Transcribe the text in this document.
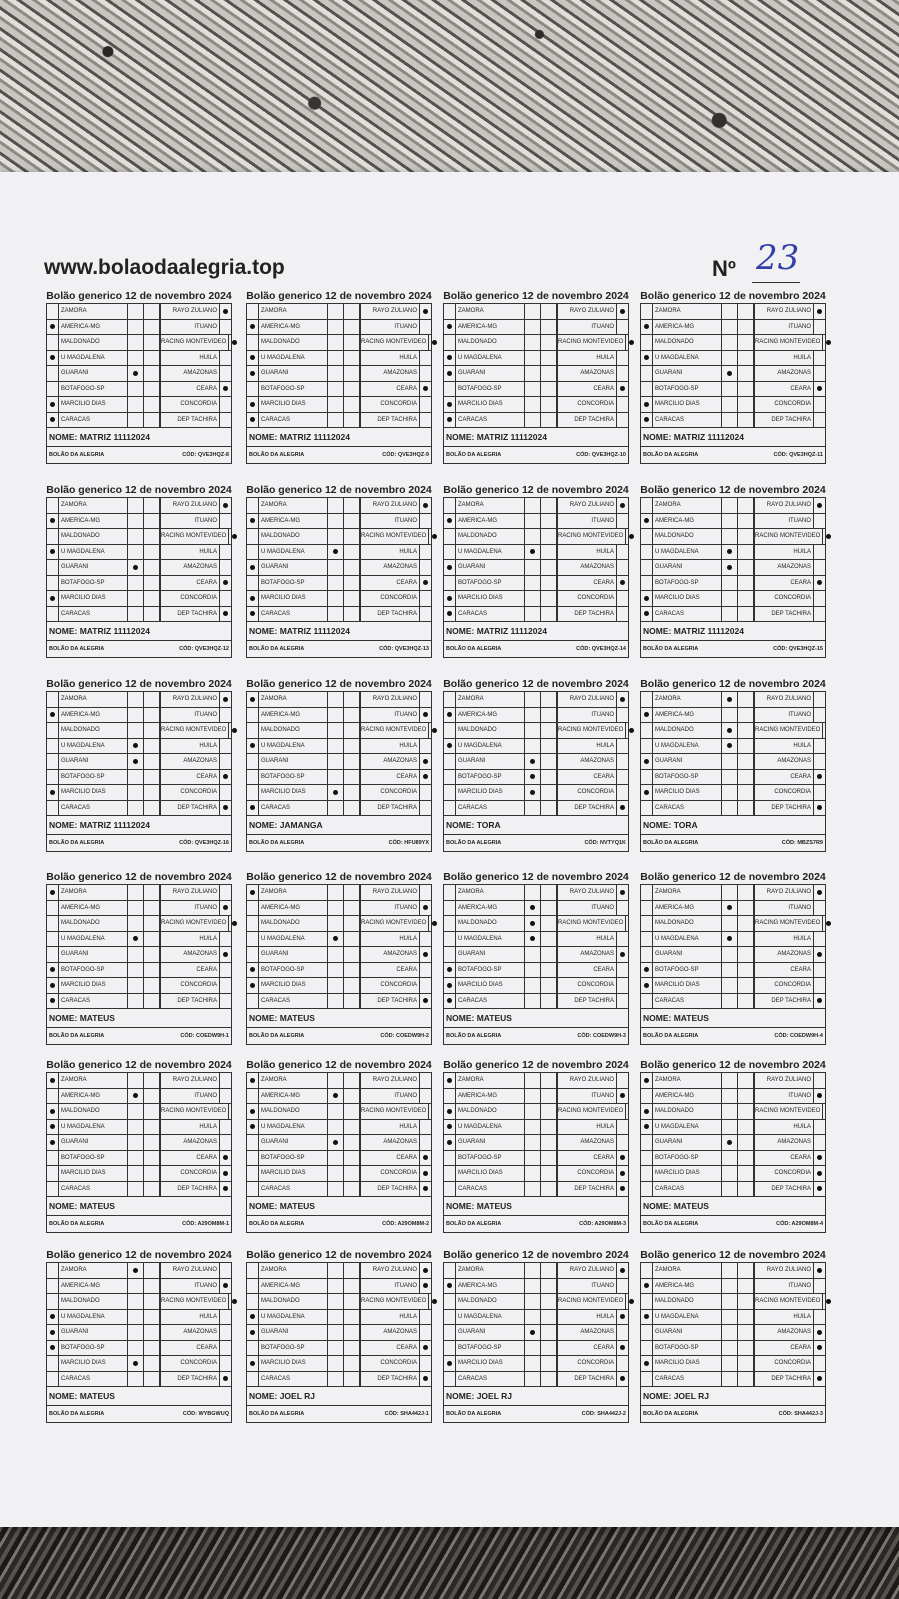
www.bolaodaalegria.top	Nº 23
Bolão generico 12 de novembro 2024
ZAMORA	RAYO ZULIANO
AMERICA-MG	ITUANO
MALDONADO	RACING MONTEVIDEO
U MAGDALENA	HUILA
GUARANI	AMAZONAS
BOTAFOGO-SP	CEARA
MARCILIO DIAS	CONCORDIA
CARACAS	DEP TACHIRA
NOME: MATRIZ 11112024
BOLÃO DA ALEGRIA	CÓD: QVE3HQZ-8
Bolão generico 12 de novembro 2024
ZAMORA	RAYO ZULIANO
AMERICA-MG	ITUANO
MALDONADO	RACING MONTEVIDEO
U MAGDALENA	HUILA
GUARANI	AMAZONAS
BOTAFOGO-SP	CEARA
MARCILIO DIAS	CONCORDIA
CARACAS	DEP TACHIRA
NOME: MATRIZ 11112024
BOLÃO DA ALEGRIA	CÓD: QVE3HQZ-9
Bolão generico 12 de novembro 2024
ZAMORA	RAYO ZULIANO
AMERICA-MG	ITUANO
MALDONADO	RACING MONTEVIDEO
U MAGDALENA	HUILA
GUARANI	AMAZONAS
BOTAFOGO-SP	CEARA
MARCILIO DIAS	CONCORDIA
CARACAS	DEP TACHIRA
NOME: MATRIZ 11112024
BOLÃO DA ALEGRIA	CÓD: QVE3HQZ-10
Bolão generico 12 de novembro 2024
ZAMORA	RAYO ZULIANO
AMERICA-MG	ITUANO
MALDONADO	RACING MONTEVIDEO
U MAGDALENA	HUILA
GUARANI	AMAZONAS
BOTAFOGO-SP	CEARA
MARCILIO DIAS	CONCORDIA
CARACAS	DEP TACHIRA
NOME: MATRIZ 11112024
BOLÃO DA ALEGRIA	CÓD: QVE3HQZ-11
Bolão generico 12 de novembro 2024
ZAMORA	RAYO ZULIANO
AMERICA-MG	ITUANO
MALDONADO	RACING MONTEVIDEO
U MAGDALENA	HUILA
GUARANI	AMAZONAS
BOTAFOGO-SP	CEARA
MARCILIO DIAS	CONCORDIA
CARACAS	DEP TACHIRA
NOME: MATRIZ 11112024
BOLÃO DA ALEGRIA	CÓD: QVE3HQZ-12
Bolão generico 12 de novembro 2024
ZAMORA	RAYO ZULIANO
AMERICA-MG	ITUANO
MALDONADO	RACING MONTEVIDEO
U MAGDALENA	HUILA
GUARANI	AMAZONAS
BOTAFOGO-SP	CEARA
MARCILIO DIAS	CONCORDIA
CARACAS	DEP TACHIRA
NOME: MATRIZ 11112024
BOLÃO DA ALEGRIA	CÓD: QVE3HQZ-13
Bolão generico 12 de novembro 2024
ZAMORA	RAYO ZULIANO
AMERICA-MG	ITUANO
MALDONADO	RACING MONTEVIDEO
U MAGDALENA	HUILA
GUARANI	AMAZONAS
BOTAFOGO-SP	CEARA
MARCILIO DIAS	CONCORDIA
CARACAS	DEP TACHIRA
NOME: MATRIZ 11112024
BOLÃO DA ALEGRIA	CÓD: QVE3HQZ-14
Bolão generico 12 de novembro 2024
ZAMORA	RAYO ZULIANO
AMERICA-MG	ITUANO
MALDONADO	RACING MONTEVIDEO
U MAGDALENA	HUILA
GUARANI	AMAZONAS
BOTAFOGO-SP	CEARA
MARCILIO DIAS	CONCORDIA
CARACAS	DEP TACHIRA
NOME: MATRIZ 11112024
BOLÃO DA ALEGRIA	CÓD: QVE3HQZ-15
Bolão generico 12 de novembro 2024
ZAMORA	RAYO ZULIANO
AMERICA-MG	ITUANO
MALDONADO	RACING MONTEVIDEO
U MAGDALENA	HUILA
GUARANI	AMAZONAS
BOTAFOGO-SP	CEARA
MARCILIO DIAS	CONCORDIA
CARACAS	DEP TACHIRA
NOME: MATRIZ 11112024
BOLÃO DA ALEGRIA	CÓD: QVE3HQZ-16
Bolão generico 12 de novembro 2024
ZAMORA	RAYO ZULIANO
AMERICA-MG	ITUANO
MALDONADO	RACING MONTEVIDEO
U MAGDALENA	HUILA
GUARANI	AMAZONAS
BOTAFOGO-SP	CEARA
MARCILIO DIAS	CONCORDIA
CARACAS	DEP TACHIRA
NOME: JAMANGA
BOLÃO DA ALEGRIA	CÓD: HFU89YX
Bolão generico 12 de novembro 2024
ZAMORA	RAYO ZULIANO
AMERICA-MG	ITUANO
MALDONADO	RACING MONTEVIDEO
U MAGDALENA	HUILA
GUARANI	AMAZONAS
BOTAFOGO-SP	CEARA
MARCILIO DIAS	CONCORDIA
CARACAS	DEP TACHIRA
NOME: TORA
BOLÃO DA ALEGRIA	CÓD: NVTYQ1K
Bolão generico 12 de novembro 2024
ZAMORA	RAYO ZULIANO
AMERICA-MG	ITUANO
MALDONADO	RACING MONTEVIDEO
U MAGDALENA	HUILA
GUARANI	AMAZONAS
BOTAFOGO-SP	CEARA
MARCILIO DIAS	CONCORDIA
CARACAS	DEP TACHIRA
NOME: TORA
BOLÃO DA ALEGRIA	CÓD: MBZS7R9
Bolão generico 12 de novembro 2024
ZAMORA	RAYO ZULIANO
AMERICA-MG	ITUANO
MALDONADO	RACING MONTEVIDEO
U MAGDALENA	HUILA
GUARANI	AMAZONAS
BOTAFOGO-SP	CEARA
MARCILIO DIAS	CONCORDIA
CARACAS	DEP TACHIRA
NOME: MATEUS
BOLÃO DA ALEGRIA	CÓD: COEDW9H-1
Bolão generico 12 de novembro 2024
ZAMORA	RAYO ZULIANO
AMERICA-MG	ITUANO
MALDONADO	RACING MONTEVIDEO
U MAGDALENA	HUILA
GUARANI	AMAZONAS
BOTAFOGO-SP	CEARA
MARCILIO DIAS	CONCORDIA
CARACAS	DEP TACHIRA
NOME: MATEUS
BOLÃO DA ALEGRIA	CÓD: COEDW9H-2
Bolão generico 12 de novembro 2024
ZAMORA	RAYO ZULIANO
AMERICA-MG	ITUANO
MALDONADO	RACING MONTEVIDEO
U MAGDALENA	HUILA
GUARANI	AMAZONAS
BOTAFOGO-SP	CEARA
MARCILIO DIAS	CONCORDIA
CARACAS	DEP TACHIRA
NOME: MATEUS
BOLÃO DA ALEGRIA	CÓD: COEDW9H-3
Bolão generico 12 de novembro 2024
ZAMORA	RAYO ZULIANO
AMERICA-MG	ITUANO
MALDONADO	RACING MONTEVIDEO
U MAGDALENA	HUILA
GUARANI	AMAZONAS
BOTAFOGO-SP	CEARA
MARCILIO DIAS	CONCORDIA
CARACAS	DEP TACHIRA
NOME: MATEUS
BOLÃO DA ALEGRIA	CÓD: COEDW9H-4
Bolão generico 12 de novembro 2024
ZAMORA	RAYO ZULIANO
AMERICA-MG	ITUANO
MALDONADO	RACING MONTEVIDEO
U MAGDALENA	HUILA
GUARANI	AMAZONAS
BOTAFOGO-SP	CEARA
MARCILIO DIAS	CONCORDIA
CARACAS	DEP TACHIRA
NOME: MATEUS
BOLÃO DA ALEGRIA	CÓD: A29OM8M-1
Bolão generico 12 de novembro 2024
ZAMORA	RAYO ZULIANO
AMERICA-MG	ITUANO
MALDONADO	RACING MONTEVIDEO
U MAGDALENA	HUILA
GUARANI	AMAZONAS
BOTAFOGO-SP	CEARA
MARCILIO DIAS	CONCORDIA
CARACAS	DEP TACHIRA
NOME: MATEUS
BOLÃO DA ALEGRIA	CÓD: A29OM8M-2
Bolão generico 12 de novembro 2024
ZAMORA	RAYO ZULIANO
AMERICA-MG	ITUANO
MALDONADO	RACING MONTEVIDEO
U MAGDALENA	HUILA
GUARANI	AMAZONAS
BOTAFOGO-SP	CEARA
MARCILIO DIAS	CONCORDIA
CARACAS	DEP TACHIRA
NOME: MATEUS
BOLÃO DA ALEGRIA	CÓD: A29OM8M-3
Bolão generico 12 de novembro 2024
ZAMORA	RAYO ZULIANO
AMERICA-MG	ITUANO
MALDONADO	RACING MONTEVIDEO
U MAGDALENA	HUILA
GUARANI	AMAZONAS
BOTAFOGO-SP	CEARA
MARCILIO DIAS	CONCORDIA
CARACAS	DEP TACHIRA
NOME: MATEUS
BOLÃO DA ALEGRIA	CÓD: A29OM8M-4
Bolão generico 12 de novembro 2024
ZAMORA	RAYO ZULIANO
AMERICA-MG	ITUANO
MALDONADO	RACING MONTEVIDEO
U MAGDALENA	HUILA
GUARANI	AMAZONAS
BOTAFOGO-SP	CEARA
MARCILIO DIAS	CONCORDIA
CARACAS	DEP TACHIRA
NOME: MATEUS
BOLÃO DA ALEGRIA	CÓD: WYBGWUQ
Bolão generico 12 de novembro 2024
ZAMORA	RAYO ZULIANO
AMERICA-MG	ITUANO
MALDONADO	RACING MONTEVIDEO
U MAGDALENA	HUILA
GUARANI	AMAZONAS
BOTAFOGO-SP	CEARA
MARCILIO DIAS	CONCORDIA
CARACAS	DEP TACHIRA
NOME: JOEL RJ
BOLÃO DA ALEGRIA	CÓD: SHA442J-1
Bolão generico 12 de novembro 2024
ZAMORA	RAYO ZULIANO
AMERICA-MG	ITUANO
MALDONADO	RACING MONTEVIDEO
U MAGDALENA	HUILA
GUARANI	AMAZONAS
BOTAFOGO-SP	CEARA
MARCILIO DIAS	CONCORDIA
CARACAS	DEP TACHIRA
NOME: JOEL RJ
BOLÃO DA ALEGRIA	CÓD: SHA442J-2
Bolão generico 12 de novembro 2024
ZAMORA	RAYO ZULIANO
AMERICA-MG	ITUANO
MALDONADO	RACING MONTEVIDEO
U MAGDALENA	HUILA
GUARANI	AMAZONAS
BOTAFOGO-SP	CEARA
MARCILIO DIAS	CONCORDIA
CARACAS	DEP TACHIRA
NOME: JOEL RJ
BOLÃO DA ALEGRIA	CÓD: SHA442J-3
